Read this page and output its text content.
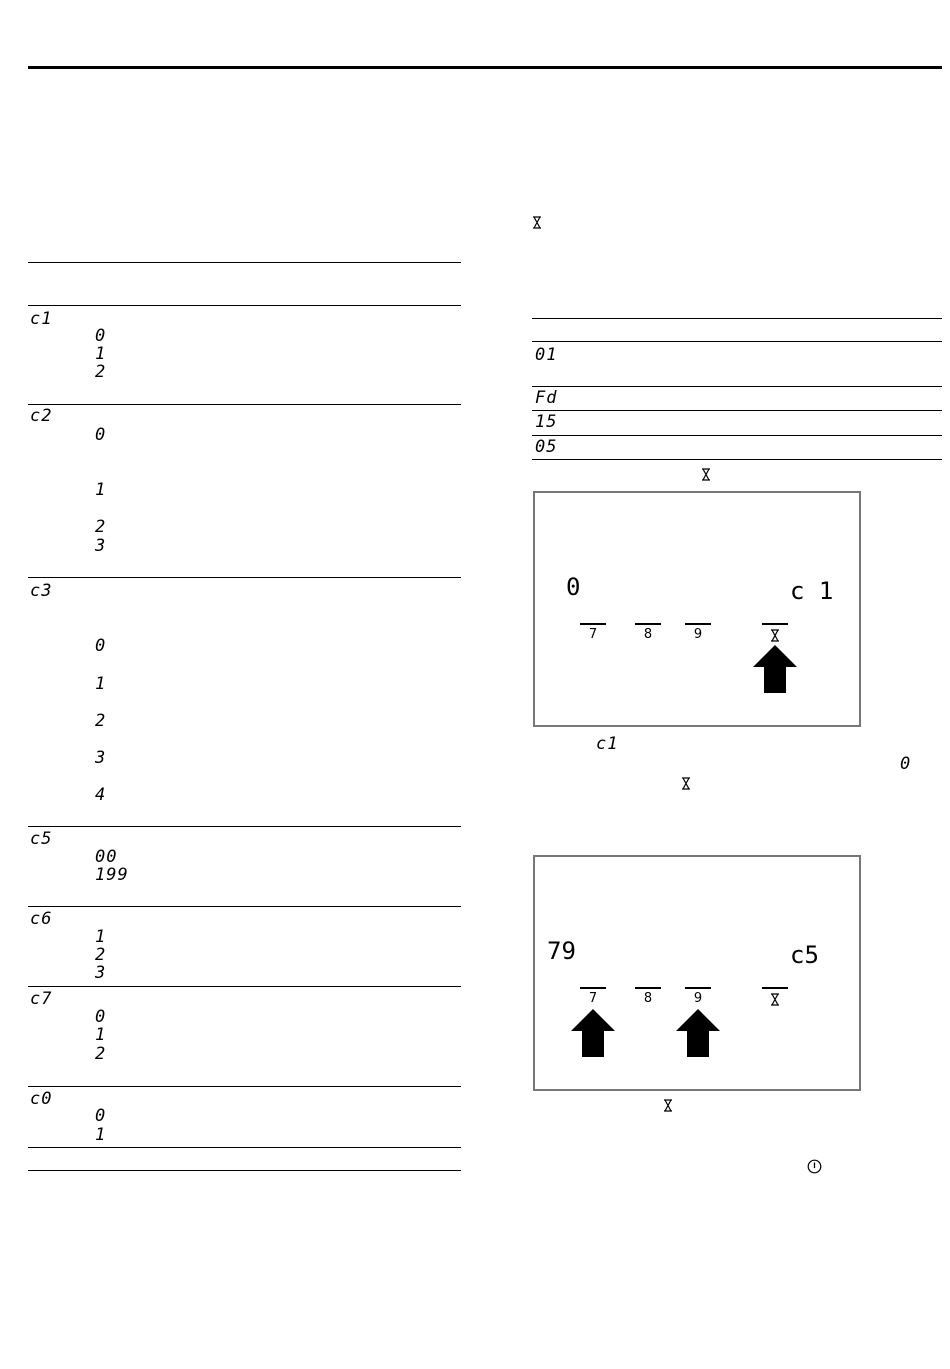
c1
0
1
2
c2
0
1
2
3
c3
0
1
2
3
4
c5
00
199
c6
1
2
3
c7
0
1
2
c0
0
1
01
Fd
15
05
0	c 1
7	8	9
c1
0
79	c5
7	8	9
